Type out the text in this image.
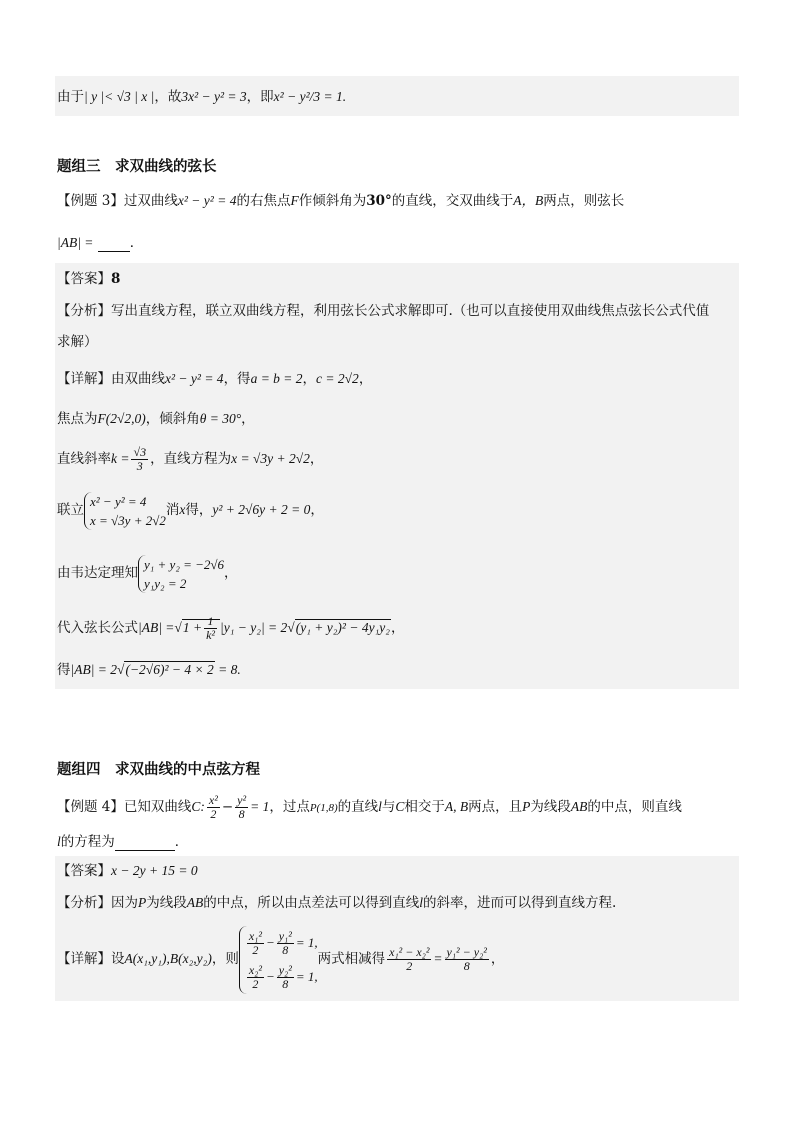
由于| y |< √3 | x |，故3x² − y² = 3，即x² − y²/3 = 1.
题组三　求双曲线的弦长
【例题 3】过双曲线x² − y² = 4的右焦点F作倾斜角为30°的直线，交双曲线于A，B两点，则弦长
|AB| =	．
【答案】8
【分析】写出直线方程，联立双曲线方程，利用弦长公式求解即可.（也可以直接使用双曲线焦点弦长公式代值
求解）
【详解】由双曲线x² − y² = 4，得a = b = 2，c = 2√2，
焦点为F(2√2,0)，倾斜角θ = 30°，
直线斜率$k = \frac{√3}{3}$ ，直线方程为x = √3y + 2√2，
联立
x² − y² = 4
x = √3y + 2√2
消x得，y² + 2√6y + 2 = 0，
由韦达定理知
y₁ + y₂ = −2√6
y₁y₂ = 2
，
代入弦长公式$|AB| =√1 + \frac{1}{\text{k²}} |y_1 - y_2| = 2√(y_1 + y_2)^2 - 4y_1y_2$，
得|AB| = 2√(−2√6)² − 4 × 2 = 8.
题组四　求双曲线的中点弦方程
【例题 4】已知双曲线C: $\frac{\text{x²}}{2} - \frac{\text{y²}}{8} = 1$，过点P(1,8)的直线l与C相交于A, B两点，且P为线段AB的中点，则直线
l的方程为	．
【答案】x − 2y + 15 = 0
【分析】因为P为线段AB的中点，所以由点差法可以得到直线l的斜率，进而可以得到直线方程.
【详解】设A(x₁,y₁),B(x₂,y₂)，则
$\frac{\text{x₁²}}{2} - \frac{\text{y₁²}}{8} = 1$,
$\frac{\text{x₂²}}{2} - \frac{\text{y₂²}}{8} = 1$,
两式相减得 $\frac{\text{x₁² − x₂²}}{2} = \frac{\text{y₁² − y₂²}}{8}$ ，
